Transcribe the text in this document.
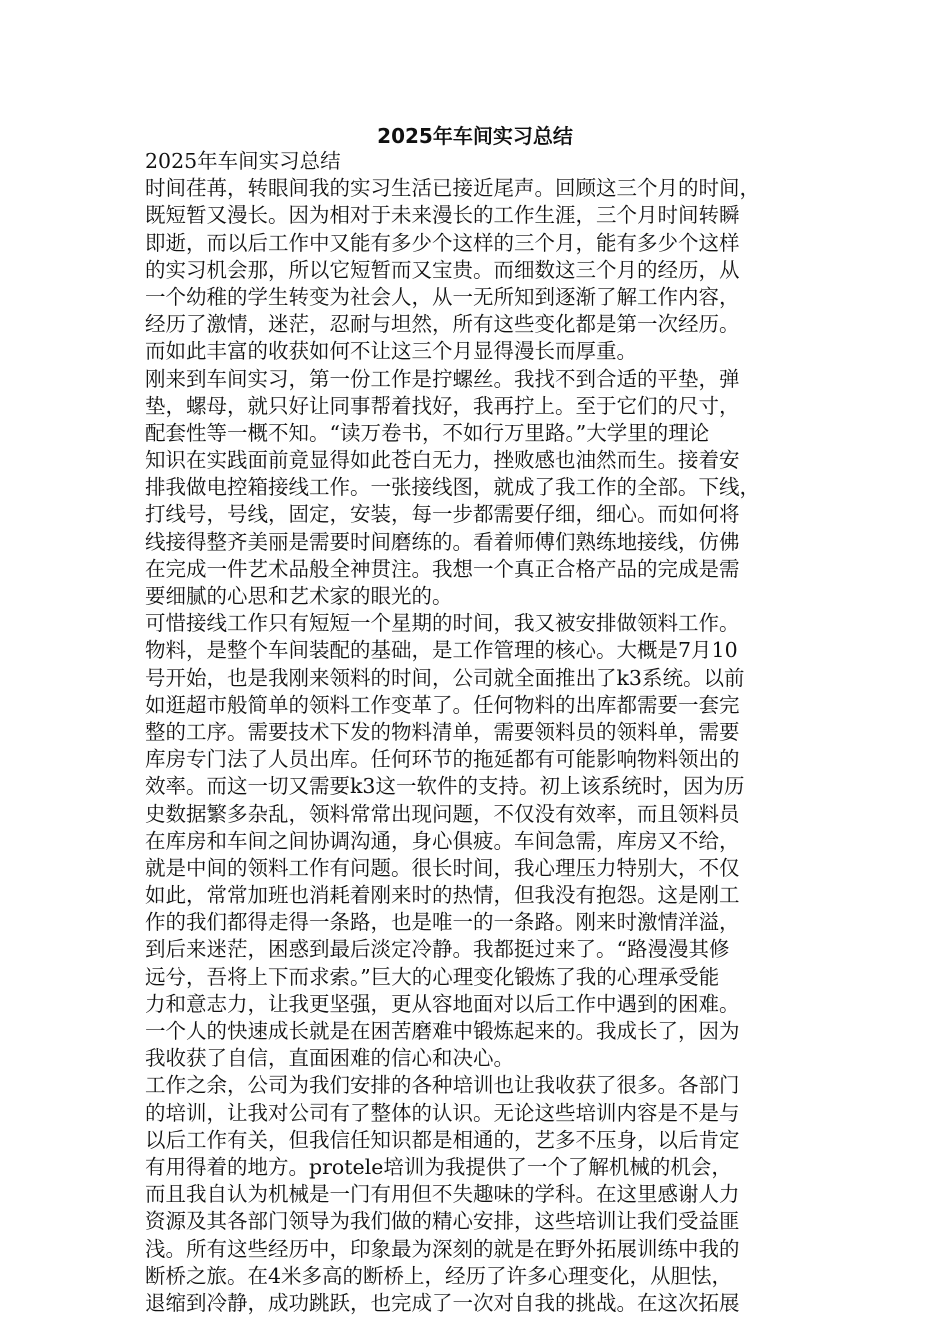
2025年车间实习总结
2025年车间实习总结
时间荏苒，转眼间我的实习生活已接近尾声。回顾这三个月的时间，
既短暂又漫长。因为相对于未来漫长的工作生涯，三个月时间转瞬
即逝，而以后工作中又能有多少个这样的三个月，能有多少个这样
的实习机会那，所以它短暂而又宝贵。而细数这三个月的经历，从
一个幼稚的学生转变为社会人，从一无所知到逐渐了解工作内容，
经历了激情，迷茫，忍耐与坦然，所有这些变化都是第一次经历。
而如此丰富的收获如何不让这三个月显得漫长而厚重。
刚来到车间实习，第一份工作是拧螺丝。我找不到合适的平垫，弹
垫，螺母，就只好让同事帮着找好，我再拧上。至于它们的尺寸，
配套性等一概不知。“读万卷书，不如行万里路。”大学里的理论
知识在实践面前竟显得如此苍白无力，挫败感也油然而生。接着安
排我做电控箱接线工作。一张接线图，就成了我工作的全部。下线，
打线号，号线，固定，安装，每一步都需要仔细，细心。而如何将
线接得整齐美丽是需要时间磨练的。看着师傅们熟练地接线，仿佛
在完成一件艺术品般全神贯注。我想一个真正合格产品的完成是需
要细腻的心思和艺术家的眼光的。
可惜接线工作只有短短一个星期的时间，我又被安排做领料工作。
物料，是整个车间装配的基础，是工作管理的核心。大概是7月10
号开始，也是我刚来领料的时间，公司就全面推出了k3系统。以前
如逛超市般简单的领料工作变革了。任何物料的出库都需要一套完
整的工序。需要技术下发的物料清单，需要领料员的领料单，需要
库房专门法了人员出库。任何环节的拖延都有可能影响物料领出的
效率。而这一切又需要k3这一软件的支持。初上该系统时，因为历
史数据繁多杂乱，领料常常出现问题，不仅没有效率，而且领料员
在库房和车间之间协调沟通，身心俱疲。车间急需，库房又不给，
就是中间的领料工作有问题。很长时间，我心理压力特别大，不仅
如此，常常加班也消耗着刚来时的热情，但我没有抱怨。这是刚工
作的我们都得走得一条路，也是唯一的一条路。刚来时激情洋溢，
到后来迷茫，困惑到最后淡定冷静。我都挺过来了。“路漫漫其修
远兮，吾将上下而求索。”巨大的心理变化锻炼了我的心理承受能
力和意志力，让我更坚强，更从容地面对以后工作中遇到的困难。
一个人的快速成长就是在困苦磨难中锻炼起来的。我成长了，因为
我收获了自信，直面困难的信心和决心。
工作之余，公司为我们安排的各种培训也让我收获了很多。各部门
的培训，让我对公司有了整体的认识。无论这些培训内容是不是与
以后工作有关，但我信任知识都是相通的，艺多不压身，以后肯定
有用得着的地方。protele培训为我提供了一个了解机械的机会，
而且我自认为机械是一门有用但不失趣味的学科。在这里感谢人力
资源及其各部门领导为我们做的精心安排，这些培训让我们受益匪
浅。所有这些经历中，印象最为深刻的就是在野外拓展训练中我的
断桥之旅。在4米多高的断桥上，经历了许多心理变化，从胆怯，
退缩到冷静，成功跳跃，也完成了一次对自我的挑战。在这次拓展
